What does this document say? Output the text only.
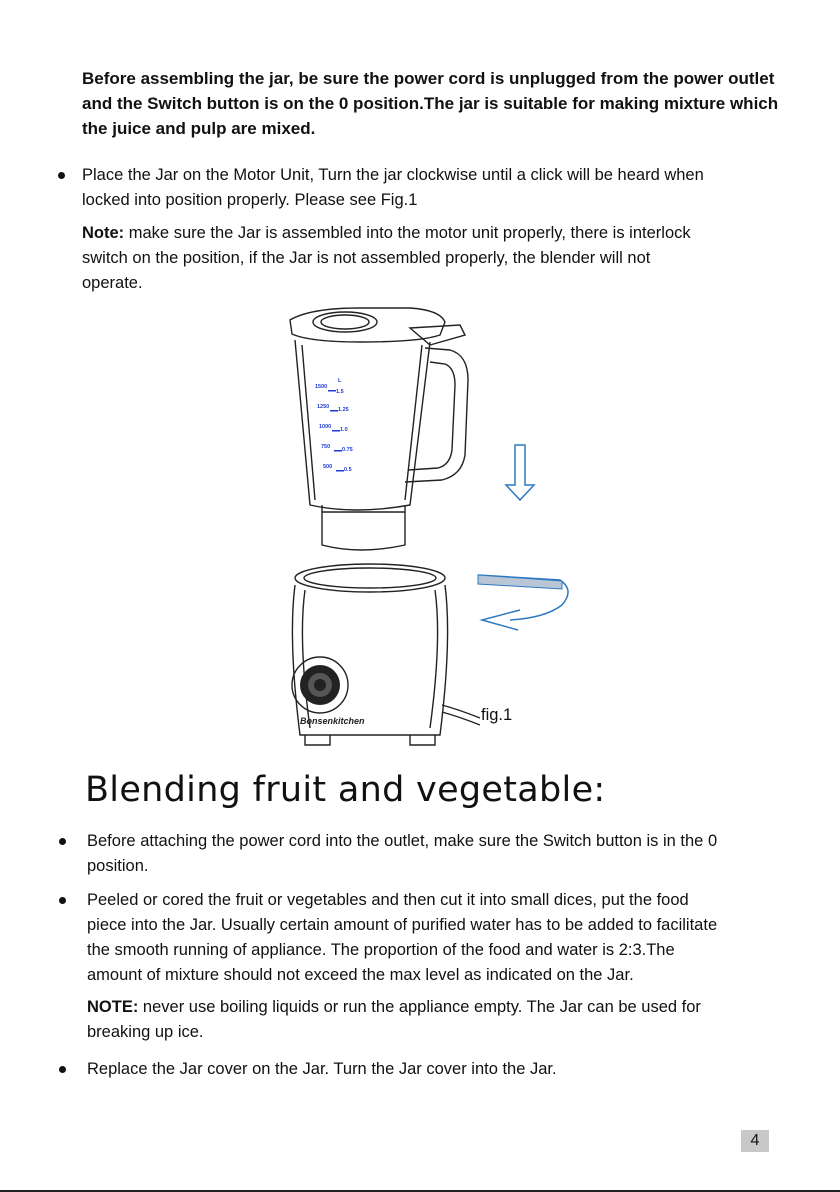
Before assembling the jar, be sure the power cord is unplugged from the power outlet and the Switch button is on the 0 position.The jar is suitable for making mixture which the juice and pulp are mixed.
Place the Jar on the Motor Unit, Turn the jar clockwise until a click will be heard when
locked into position properly. Please see Fig.1
Note: make sure the Jar is assembled into the motor unit properly, there is interlock
switch on the position, if the Jar is not assembled properly, the blender will not
operate.
1500
1250
1000
750
500
L
1.5
1.25
1.0
0.75
0.5
Bonsenkitchen	fig.1
Blending fruit and vegetable:
Before attaching the power cord into the outlet, make sure the Switch button is in the 0
position.
Peeled or cored the fruit or vegetables and then cut it into small dices, put the food
piece into the Jar. Usually certain amount of purified water has to be added to facilitate
the smooth running of appliance. The proportion of the food and water is 2:3.The
amount of mixture should not exceed the max level as indicated on the Jar.
NOTE: never use boiling liquids or run the appliance empty. The Jar can be used for
breaking up ice.
Replace the Jar cover on the Jar. Turn the Jar cover into the Jar.
4
